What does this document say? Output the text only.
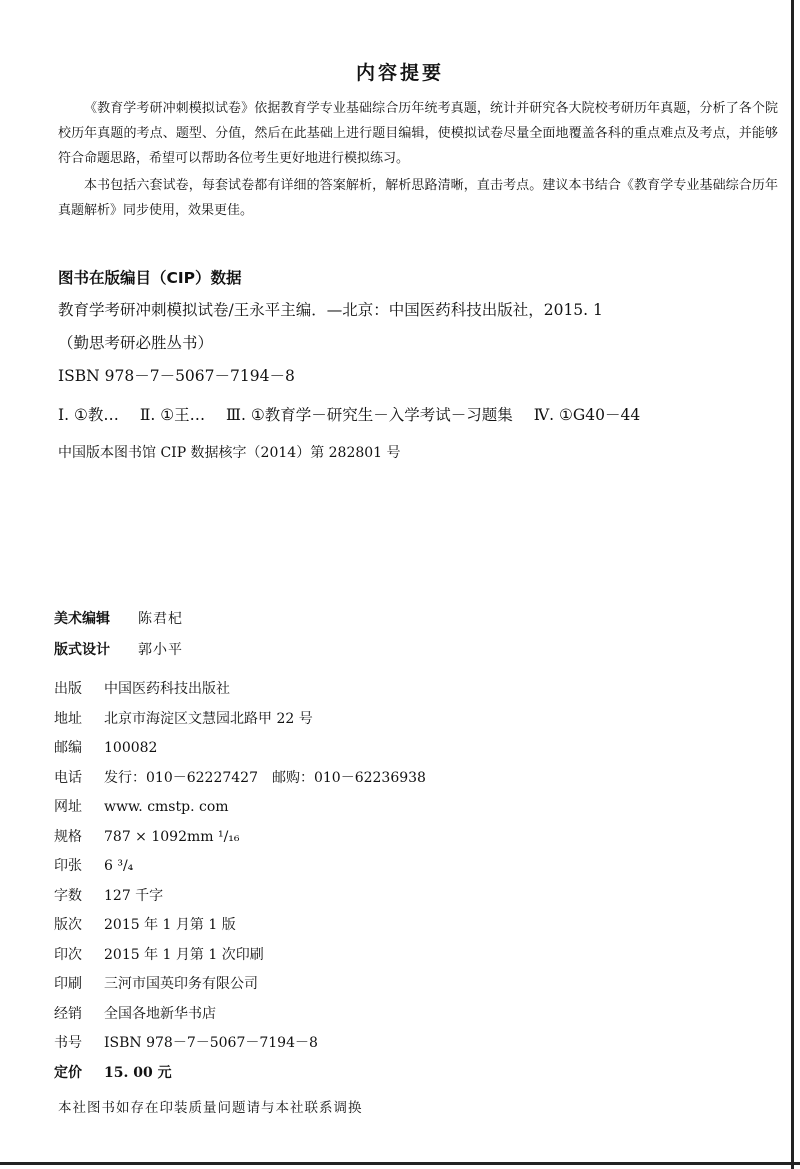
内容提要

《教育学考研冲刺模拟试卷》依据教育学专业基础综合历年统考真题，统计并研究各大院校考研历年真题，分析了各个院校历年真题的考点、题型、分值，然后在此基础上进行题目编辑，使模拟试卷尽量全面地覆盖各科的重点难点及考点，并能够符合命题思路，希望可以帮助各位考生更好地进行模拟练习。

本书包括六套试卷，每套试卷都有详细的答案解析，解析思路清晰，直击考点。建议本书结合《教育学专业基础综合历年真题解析》同步使用，效果更佳。

图书在版编目（CIP）数据
教育学考研冲刺模拟试卷/王永平主编．—北京：中国医药科技出版社，2015. 1
（勤思考研必胜丛书）
ISBN 978－7－5067－7194－8
Ⅰ. ①教… Ⅱ. ①王… Ⅲ. ①教育学－研究生－入学考试－习题集 Ⅳ. ①G40－44
中国版本图书馆 CIP 数据核字（2014）第 282801 号
美术编辑 陈君杞
版式设计 郭小平
出版 中国医药科技出版社
地址 北京市海淀区文慧园北路甲 22 号
邮编 100082
电话 发行：010－62227427　邮购：010－62236938
网址 www. cmstp. com
规格 787 × 1092mm ¹/₁₆
印张 6 ³/₄
字数 127 千字
版次 2015 年 1 月第 1 版
印次 2015 年 1 月第 1 次印刷
印刷 三河市国英印务有限公司
经销 全国各地新华书店
书号 ISBN 978－7－5067－7194－8
定价 15. 00 元
本社图书如存在印装质量问题请与本社联系调换
